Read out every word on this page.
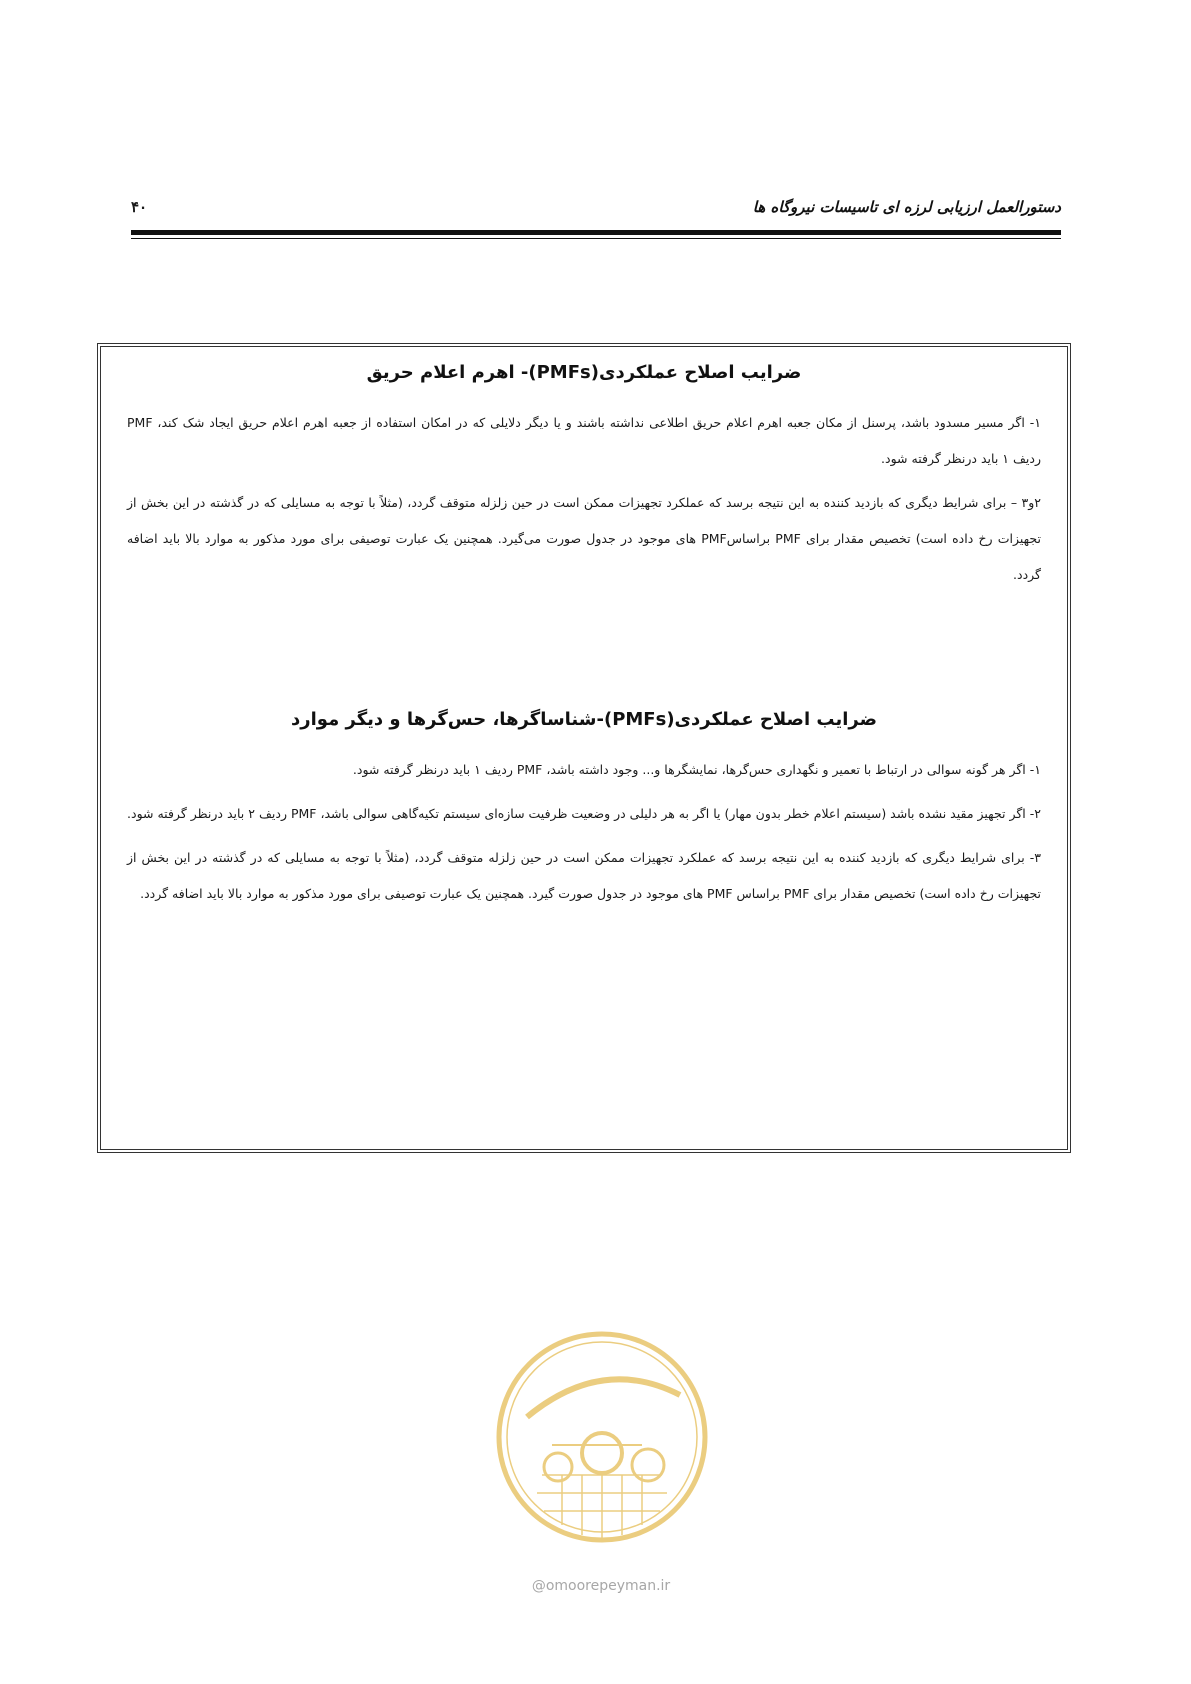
۴۰	دستورالعمل ارزیابی لرزه ای تاسیسات نیروگاه ها
ضرایب اصلاح عملکردی(PMFs)- اهرم اعلام حریق

۱- اگر مسیر مسدود باشد، پرسنل از مکان جعبه اهرم اعلام حریق اطلاعی نداشته باشند و یا دیگر دلایلی که در امکان استفاده از جعبه اهرم اعلام حریق ایجاد شک کند، PMF ردیف ۱ باید درنظر گرفته شود.

۲و۳ – برای شرایط دیگری که بازدید کننده به این نتیجه برسد که عملکرد تجهیزات ممکن است در حین زلزله متوقف گردد، (مثلاً با توجه به مسایلی که در گذشته در این بخش از تجهیزات رخ داده است) تخصیص مقدار برای PMF براساسPMF های موجود در جدول صورت می‌گیرد. همچنین یک عبارت توصیفی برای مورد مذکور به موارد بالا باید اضافه گردد.

ضرایب اصلاح عملکردی(PMFs)-شناساگرها، حس‌گرها و دیگر موارد

۱- اگر هر گونه سوالی در ارتباط با تعمیر و نگهداری حس‌گرها، نمایشگرها و... وجود داشته باشد، PMF ردیف ۱ باید درنظر گرفته شود.

۲- اگر تجهیز مقید نشده باشد (سیستم اعلام خطر بدون مهار) یا اگر به هر دلیلی در وضعیت ظرفیت سازه‌ای سیستم تکیه‌گاهی سوالی باشد، PMF ردیف ۲ باید درنظر گرفته شود.

۳- برای شرایط دیگری که بازدید کننده به این نتیجه برسد که عملکرد تجهیزات ممکن است در حین زلزله متوقف گردد، (مثلاً با توجه به مسایلی که در گذشته در این بخش از تجهیزات رخ داده است) تخصیص مقدار برای PMF براساس PMF های موجود در جدول صورت گیرد. همچنین یک عبارت توصیفی برای مورد مذکور به موارد بالا باید اضافه گردد.

@omoorepeyman.ir
